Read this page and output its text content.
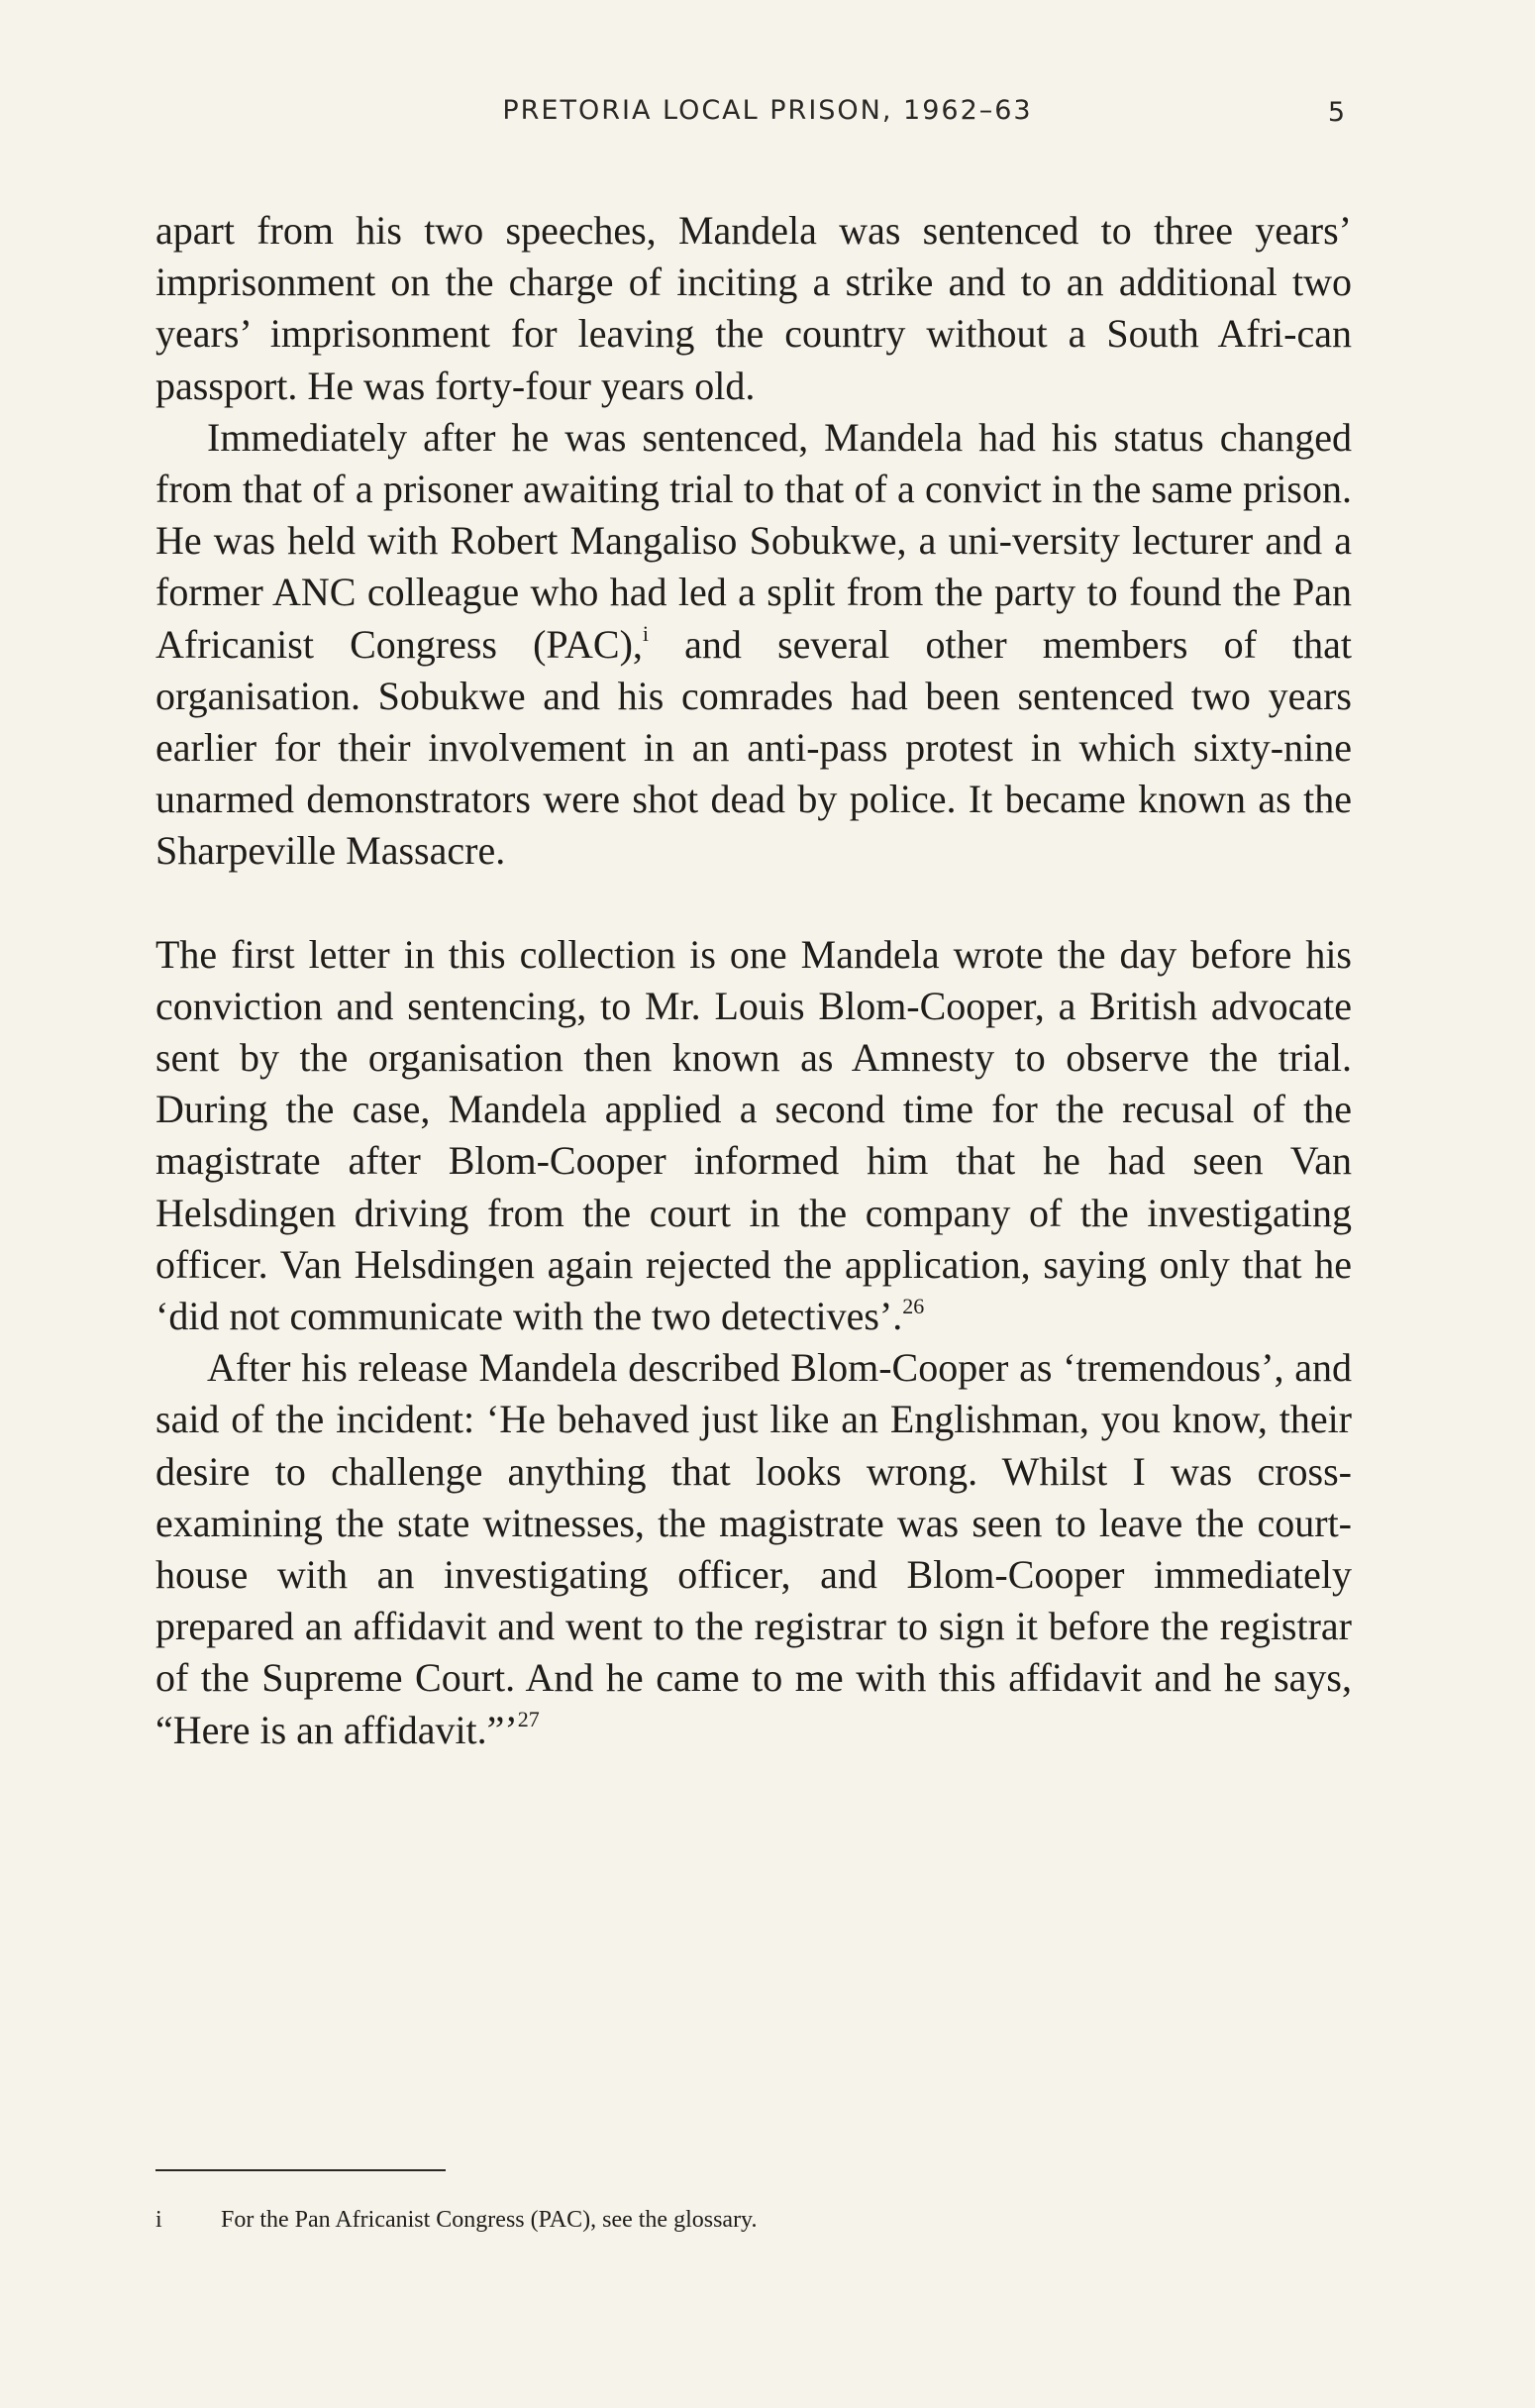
PRETORIA LOCAL PRISON, 1962–63	5

apart from his two speeches, Mandela was sentenced to three years’ imprisonment on the charge of inciting a strike and to an additional two years’ imprisonment for leaving the country without a South Afri-can passport. He was forty-four years old.

Immediately after he was sentenced, Mandela had his status changed from that of a prisoner awaiting trial to that of a convict in the same prison. He was held with Robert Mangaliso Sobukwe, a uni-versity lecturer and a former ANC colleague who had led a split from the party to found the Pan Africanist Congress (PAC),$^i$ and several other members of that organisation. Sobukwe and his comrades had been sentenced two years earlier for their involvement in an anti-pass protest in which sixty-nine unarmed demonstrators were shot dead by police. It became known as the Sharpeville Massacre.

The first letter in this collection is one Mandela wrote the day before his conviction and sentencing, to Mr. Louis Blom-Cooper, a British advocate sent by the organisation then known as Amnesty to observe the trial. During the case, Mandela applied a second time for the recusal of the magistrate after Blom-Cooper informed him that he had seen Van Helsdingen driving from the court in the company of the investigating officer. Van Helsdingen again rejected the application, saying only that he ‘did not communicate with the two detectives’.$^{26}$

After his release Mandela described Blom-Cooper as ‘tremendous’, and said of the incident: ‘He behaved just like an Englishman, you know, their desire to challenge anything that looks wrong. Whilst I was cross-examining the state witnesses, the magistrate was seen to leave the court-house with an investigating officer, and Blom-Cooper immediately prepared an affidavit and went to the registrar to sign it before the registrar of the Supreme Court. And he came to me with this affidavit and he says, “Here is an affidavit.”’$^{27}$

i For the Pan Africanist Congress (PAC), see the glossary.
